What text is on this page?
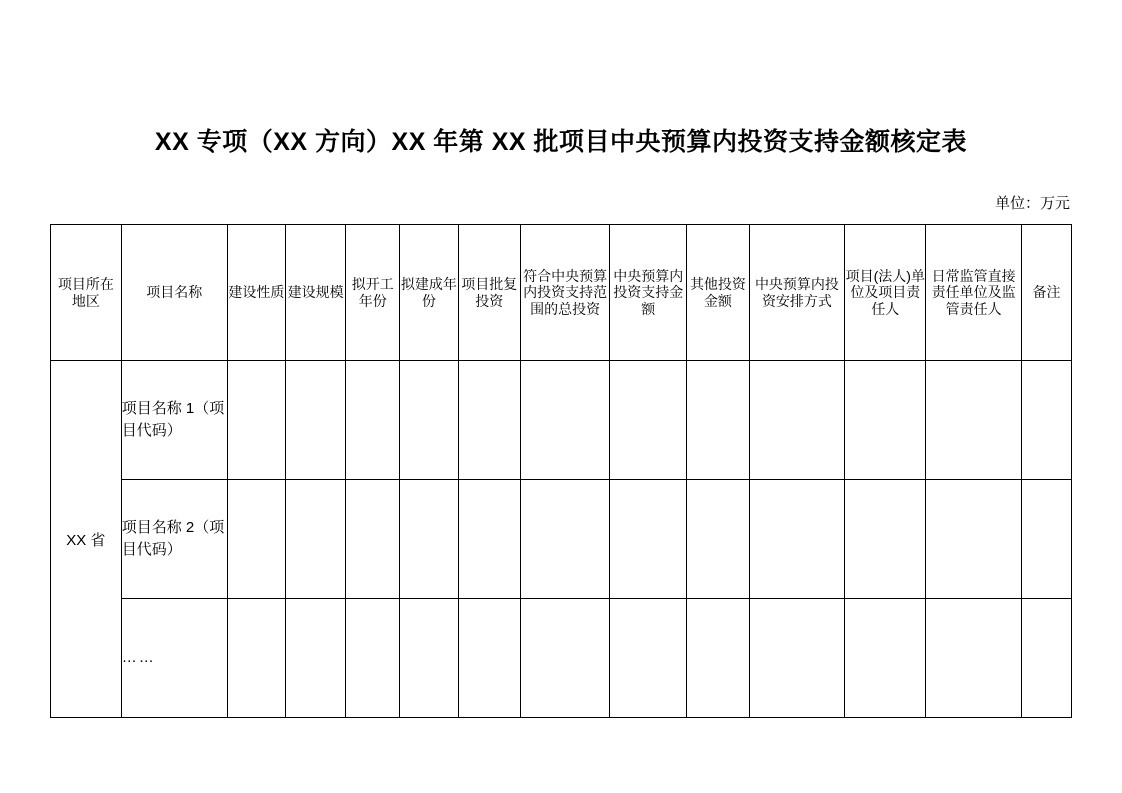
XX 专项（XX 方向）XX 年第 XX 批项目中央预算内投资支持金额核定表
单位：万元
项目所在地区	项目名称	建设性质	建设规模	拟开工年份	拟建成年份	项目批复投资	符合中央预算内投资支持范围的总投资	中央预算内投资支持金额	其他投资金额	中央预算内投资安排方式	项目(法人)单位及项目责任人	日常监管直接责任单位及监管责任人	备注
XX 省	项目名称 1（项目代码）												
	项目名称 2（项目代码）												
	……												
